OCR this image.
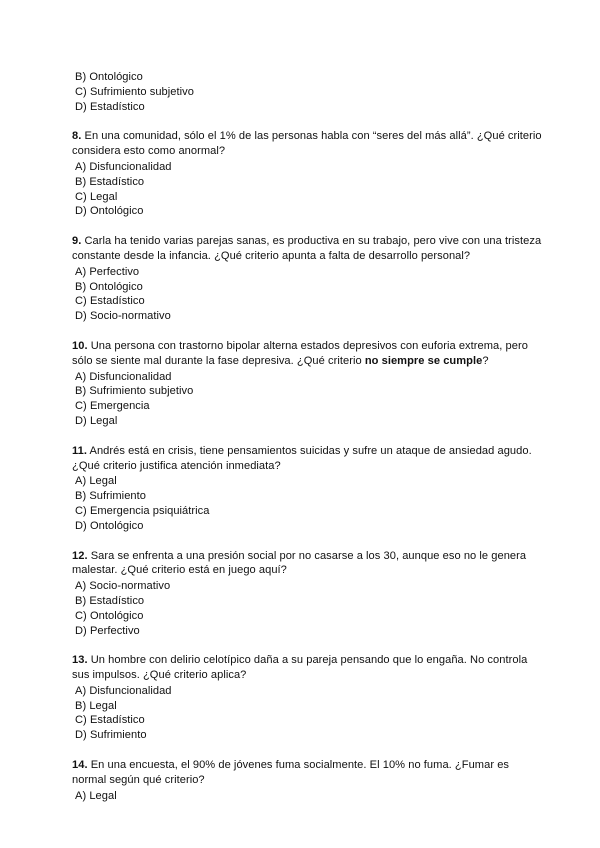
B) Ontológico

C) Sufrimiento subjetivo

D) Estadístico

8. En una comunidad, sólo el 1% de las personas habla con “seres del más allá”. ¿Qué criterio considera esto como anormal?

A) Disfuncionalidad

B) Estadístico

C) Legal

D) Ontológico

9. Carla ha tenido varias parejas sanas, es productiva en su trabajo, pero vive con una tristeza constante desde la infancia. ¿Qué criterio apunta a falta de desarrollo personal?

A) Perfectivo

B) Ontológico

C) Estadístico

D) Socio-normativo

10. Una persona con trastorno bipolar alterna estados depresivos con euforia extrema, pero sólo se siente mal durante la fase depresiva. ¿Qué criterio no siempre se cumple?

A) Disfuncionalidad

B) Sufrimiento subjetivo

C) Emergencia

D) Legal

11. Andrés está en crisis, tiene pensamientos suicidas y sufre un ataque de ansiedad agudo. ¿Qué criterio justifica atención inmediata?

A) Legal

B) Sufrimiento

C) Emergencia psiquiátrica

D) Ontológico

12. Sara se enfrenta a una presión social por no casarse a los 30, aunque eso no le genera malestar. ¿Qué criterio está en juego aquí?

A) Socio-normativo

B) Estadístico

C) Ontológico

D) Perfectivo

13. Un hombre con delirio celotípico daña a su pareja pensando que lo engaña. No controla sus impulsos. ¿Qué criterio aplica?

A) Disfuncionalidad

B) Legal

C) Estadístico

D) Sufrimiento

14. En una encuesta, el 90% de jóvenes fuma socialmente. El 10% no fuma. ¿Fumar es normal según qué criterio?

A) Legal
